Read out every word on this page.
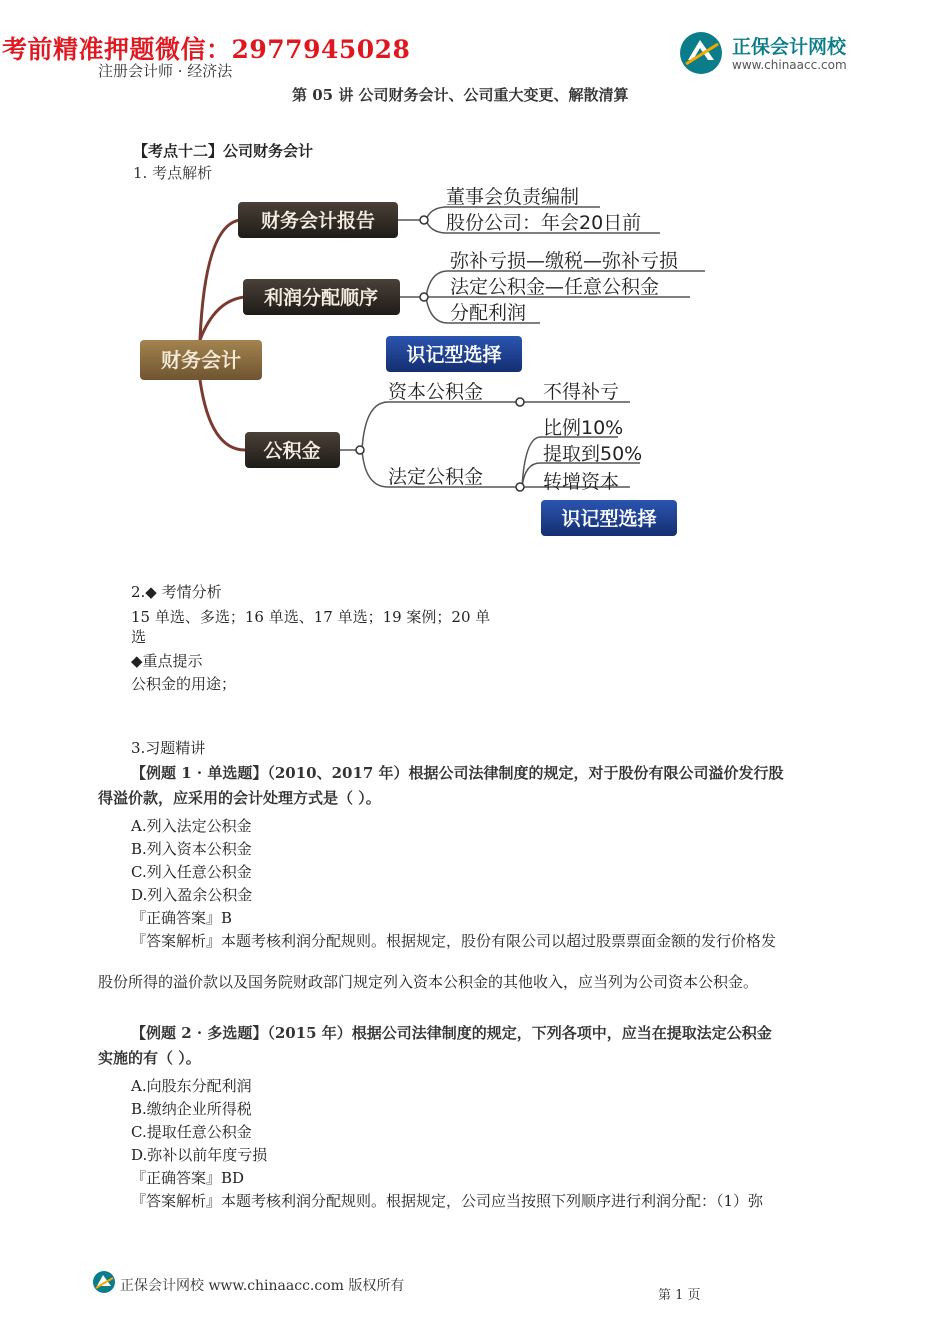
考前精准押题微信：2977945028	正保会计网校
www.chinaacc.com
注册会计师 · 经济法
第 05 讲 公司财务会计、公司重大变更、解散清算
【考点十二】公司财务会计
1. 考点解析
财务会计
财务会计报告
利润分配顺序
公积金
识记型选择
识记型选择
董事会负责编制
股份公司：年会20日前
弥补亏损—缴税—弥补亏损
法定公积金—任意公积金
分配利润
资本公积金	不得补亏
法定公积金
比例10%
提取到50%
转增资本
2.◆ 考情分析
15 单选、多选；16 单选、17 单选；19 案例；20 单
选
◆重点提示
公积金的用途；
3.习题精讲
【例题 1 · 单选题】（2010、2017 年）根据公司法律制度的规定，对于股份有限公司溢价发行股
得溢价款，应采用的会计处理方式是（ ）。
A.列入法定公积金
B.列入资本公积金
C.列入任意公积金
D.列入盈余公积金
『正确答案』B
『答案解析』本题考核利润分配规则。根据规定，股份有限公司以超过股票票面金额的发行价格发
股份所得的溢价款以及国务院财政部门规定列入资本公积金的其他收入，应当列为公司资本公积金。
【例题 2 · 多选题】（2015 年）根据公司法律制度的规定，下列各项中，应当在提取法定公积金
实施的有（ ）。
A.向股东分配利润
B.缴纳企业所得税
C.提取任意公积金
D.弥补以前年度亏损
『正确答案』BD
『答案解析』本题考核利润分配规则。根据规定，公司应当按照下列顺序进行利润分配：（1）弥
正保会计网校 www.chinaacc.com 版权所有
第 1 页
